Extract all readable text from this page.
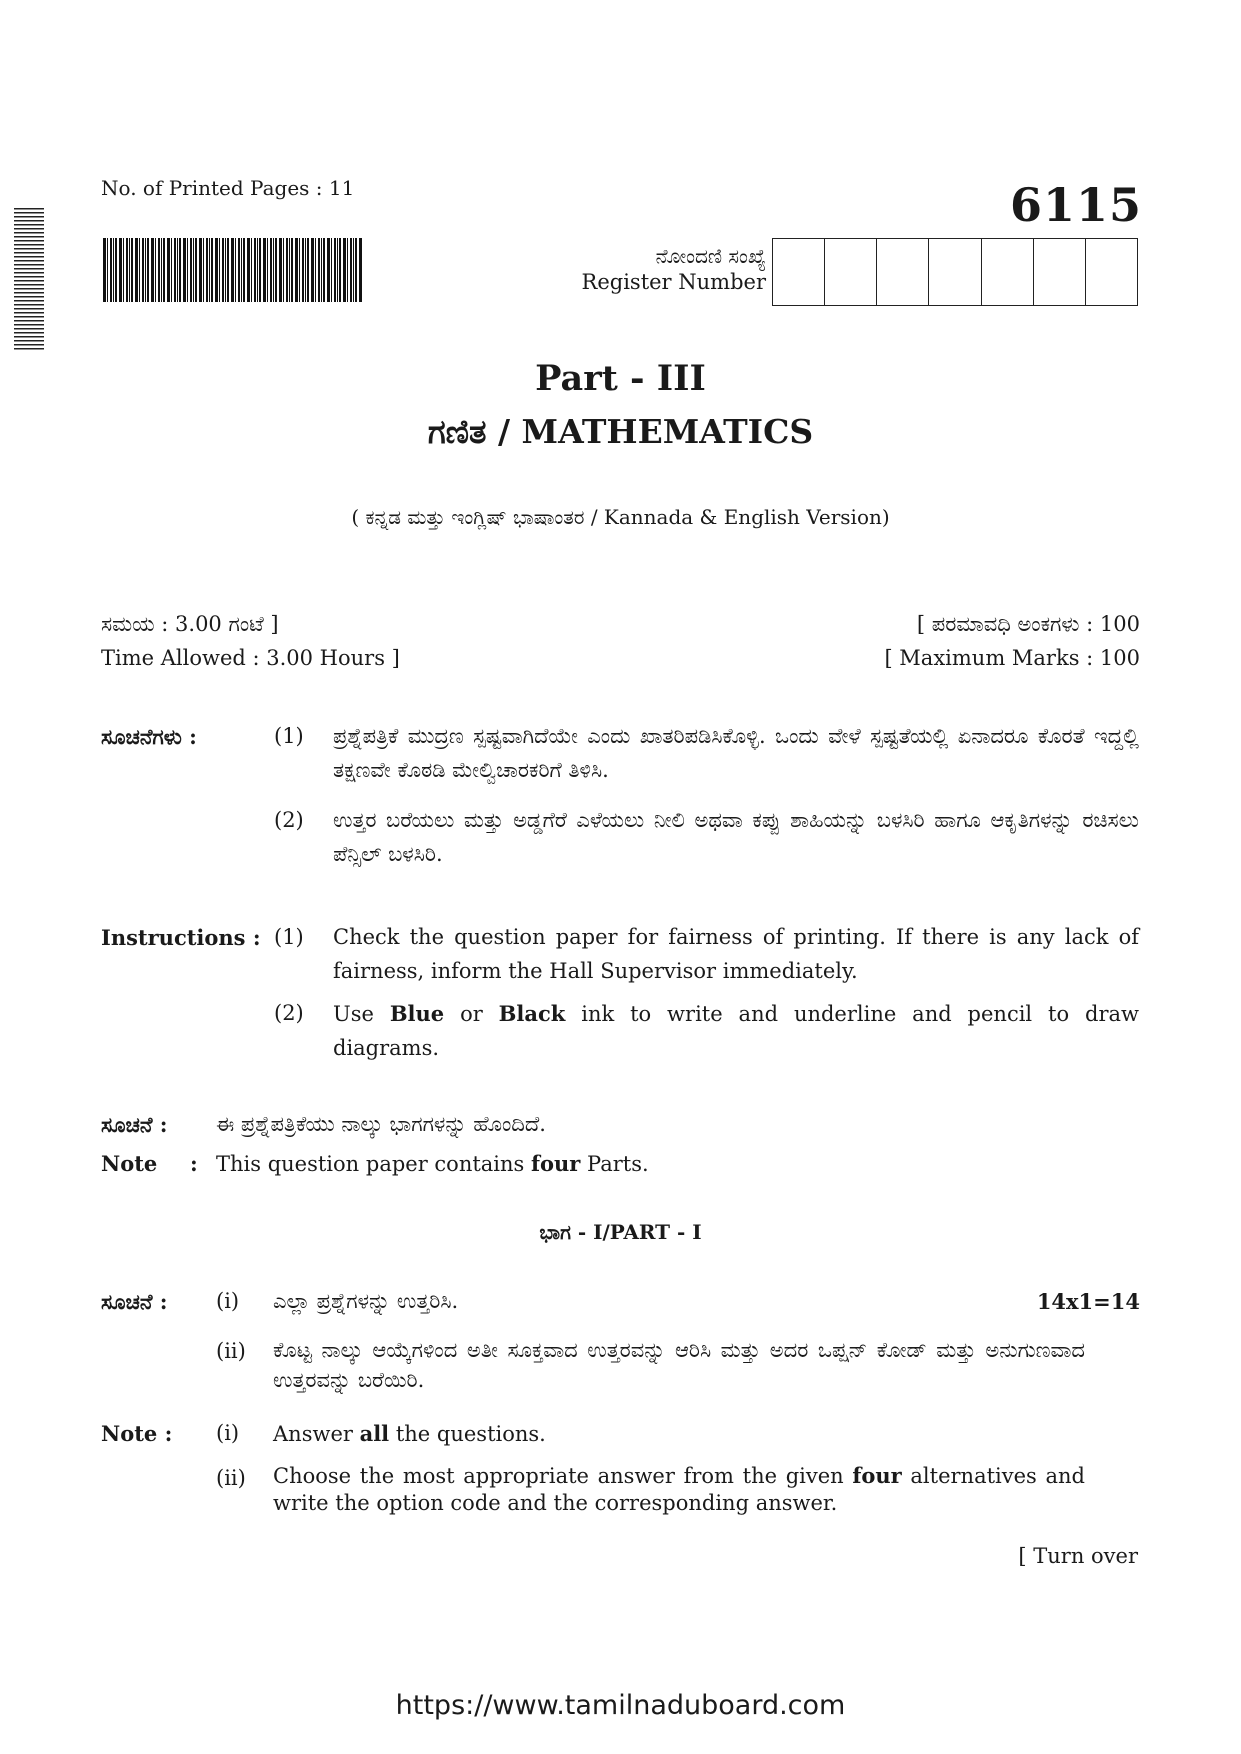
No. of Printed Pages : 11	6115
ನೋಂದಣಿ ಸಂಖ್ಯೆ
Register Number
Part - III
ಗಣಿತ / MATHEMATICS
( ಕನ್ನಡ ಮತ್ತು ಇಂಗ್ಲಿಷ್ ಭಾಷಾಂತರ / Kannada & English Version)
ಸಮಯ : 3.00 ಗಂಟೆ ]
Time Allowed : 3.00 Hours ]
[ ಪರಮಾವಧಿ ಅಂಕಗಳು : 100
[ Maximum Marks : 100
ಸೂಚನೆಗಳು :	(1) ಪ್ರಶ್ನೆಪತ್ರಿಕೆ ಮುದ್ರಣ ಸ್ಪಷ್ಟವಾಗಿದೆಯೇ ಎಂದು ಖಾತರಿಪಡಿಸಿಕೊಳ್ಳಿ. ಒಂದು ವೇಳೆ ಸ್ಪಷ್ಟತೆಯಲ್ಲಿ ಏನಾದರೂ ಕೊರತೆ ಇದ್ದಲ್ಲಿ ತಕ್ಷಣವೇ ಕೊಠಡಿ ಮೇಲ್ವಿಚಾರಕರಿಗೆ ತಿಳಿಸಿ.
(2) ಉತ್ತರ ಬರೆಯಲು ಮತ್ತು ಅಡ್ಡಗೆರೆ ಎಳೆಯಲು ನೀಲಿ ಅಥವಾ ಕಪ್ಪು ಶಾಹಿಯನ್ನು ಬಳಸಿರಿ ಹಾಗೂ ಆಕೃತಿಗಳನ್ನು ರಚಿಸಲು ಪೆನ್ಸಿಲ್ ಬಳಸಿರಿ.
Instructions : (1) Check the question paper for fairness of printing. If there is any lack of fairness, inform the Hall Supervisor immediately.
(2) Use Blue or Black ink to write and underline and pencil to draw diagrams.
ಸೂಚನೆ : ಈ ಪ್ರಶ್ನೆಪತ್ರಿಕೆಯು ನಾಲ್ಕು ಭಾಗಗಳನ್ನು ಹೊಂದಿದೆ.
Note : This question paper contains four Parts.
ಭಾಗ - I/PART - I
ಸೂಚನೆ : (i) ಎಲ್ಲಾ ಪ್ರಶ್ನೆಗಳನ್ನು ಉತ್ತರಿಸಿ.	14x1=14
(ii) ಕೊಟ್ಟ ನಾಲ್ಕು ಆಯ್ಕೆಗಳಿಂದ ಅತೀ ಸೂಕ್ತವಾದ ಉತ್ತರವನ್ನು ಆರಿಸಿ ಮತ್ತು ಅದರ ಒಪ್ಷನ್ ಕೋಡ್ ಮತ್ತು ಅನುಗುಣವಾದ ಉತ್ತರವನ್ನು ಬರೆಯಿರಿ.
Note : (i) Answer all the questions.
(ii) Choose the most appropriate answer from the given four alternatives and write the option code and the corresponding answer.
[ Turn over
https://www.tamilnaduboard.com
